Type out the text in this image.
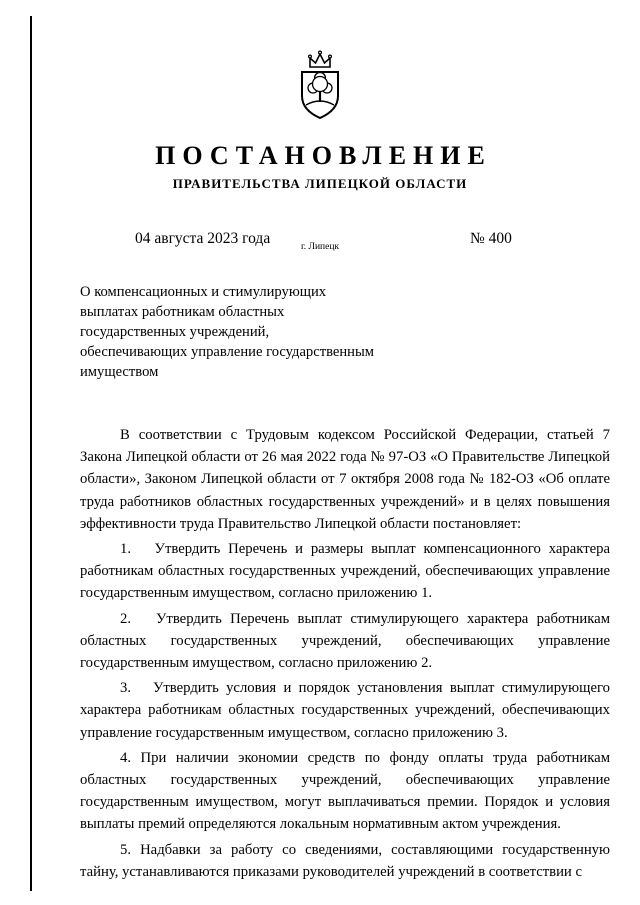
ПОСТАНОВЛЕНИЕ
ПРАВИТЕЛЬСТВА ЛИПЕЦКОЙ ОБЛАСТИ
04 августа 2023 года	г. Липецк	№ 400
О компенсационных и стимулирующих выплатах работникам областных государственных учреждений, обеспечивающих управление государственным имуществом

В соответствии с Трудовым кодексом Российской Федерации, статьей 7 Закона Липецкой области от 26 мая 2022 года № 97-ОЗ «О Правительстве Липецкой области», Законом Липецкой области от 7 октября 2008 года № 182-ОЗ «Об оплате труда работников областных государственных учреждений» и в целях повышения эффективности труда Правительство Липецкой области постановляет:

1.   Утвердить Перечень и размеры выплат компенсационного характера работникам областных государственных учреждений, обеспечивающих управление государственным имуществом, согласно приложению 1.

2.   Утвердить Перечень выплат стимулирующего характера работникам областных государственных учреждений, обеспечивающих управление государственным имуществом, согласно приложению 2.

3.   Утвердить условия и порядок установления выплат стимулирующего характера работникам областных государственных учреждений, обеспечивающих управление государственным имуществом, согласно приложению 3.

4. При наличии экономии средств по фонду оплаты труда работникам областных государственных учреждений, обеспечивающих управление государственным имуществом, могут выплачиваться премии. Порядок и условия выплаты премий определяются локальным нормативным актом учреждения.

5. Надбавки за работу со сведениями, составляющими государственную тайну, устанавливаются приказами руководителей учреждений в соответствии с
